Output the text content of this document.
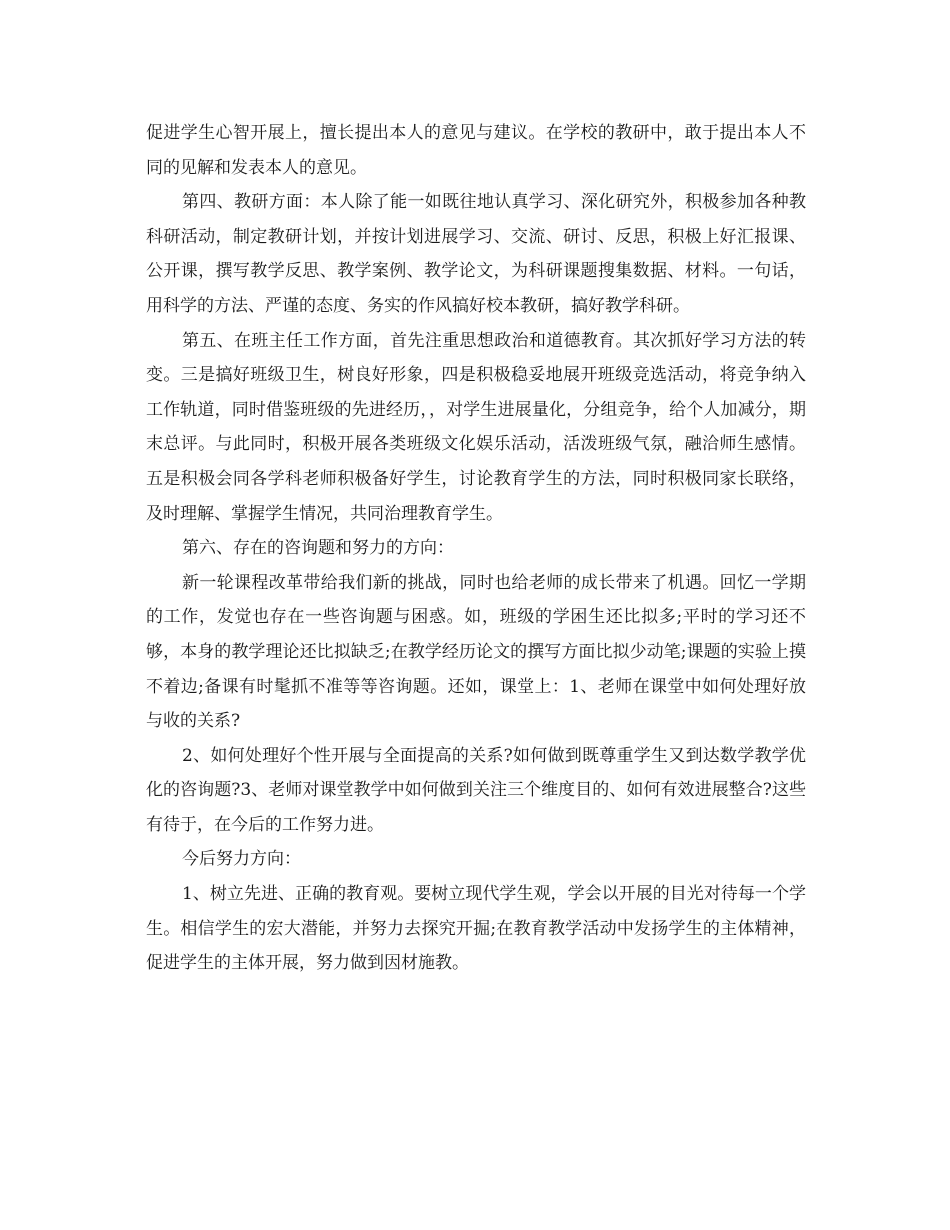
促进学生心智开展上，擅长提出本人的意见与建议。在学校的教研中，敢于提出本人不同的见解和发表本人的意见。

第四、教研方面：本人除了能一如既往地认真学习、深化研究外，积极参加各种教科研活动，制定教研计划，并按计划进展学习、交流、研讨、反思，积极上好汇报课、公开课，撰写教学反思、教学案例、教学论文，为科研课题搜集数据、材料。一句话，用科学的方法、严谨的态度、务实的作风搞好校本教研，搞好教学科研。

第五、在班主任工作方面，首先注重思想政治和道德教育。其次抓好学习方法的转变。三是搞好班级卫生，树良好形象，四是积极稳妥地展开班级竞选活动，将竞争纳入工作轨道，同时借鉴班级的先进经历，，对学生进展量化，分组竞争，给个人加减分，期末总评。与此同时，积极开展各类班级文化娱乐活动，活泼班级气氛，融洽师生感情。五是积极会同各学科老师积极备好学生，讨论教育学生的方法，同时积极同家长联络，及时理解、掌握学生情况，共同治理教育学生。

第六、存在的咨询题和努力的方向：

新一轮课程改革带给我们新的挑战，同时也给老师的成长带来了机遇。回忆一学期的工作，发觉也存在一些咨询题与困惑。如，班级的学困生还比拟多;平时的学习还不够，本身的教学理论还比拟缺乏;在教学经历论文的撰写方面比拟少动笔;课题的实验上摸不着边;备课有时髦抓不准等等咨询题。还如，课堂上：1、老师在课堂中如何处理好放与收的关系?

2、如何处理好个性开展与全面提高的关系?如何做到既尊重学生又到达数学教学优化的咨询题?3、老师对课堂教学中如何做到关注三个维度目的、如何有效进展整合?这些有待于，在今后的工作努力进。

今后努力方向：

1、树立先进、正确的教育观。要树立现代学生观，学会以开展的目光对待每一个学生。相信学生的宏大潜能，并努力去探究开掘;在教育教学活动中发扬学生的主体精神，促进学生的主体开展，努力做到因材施教。
